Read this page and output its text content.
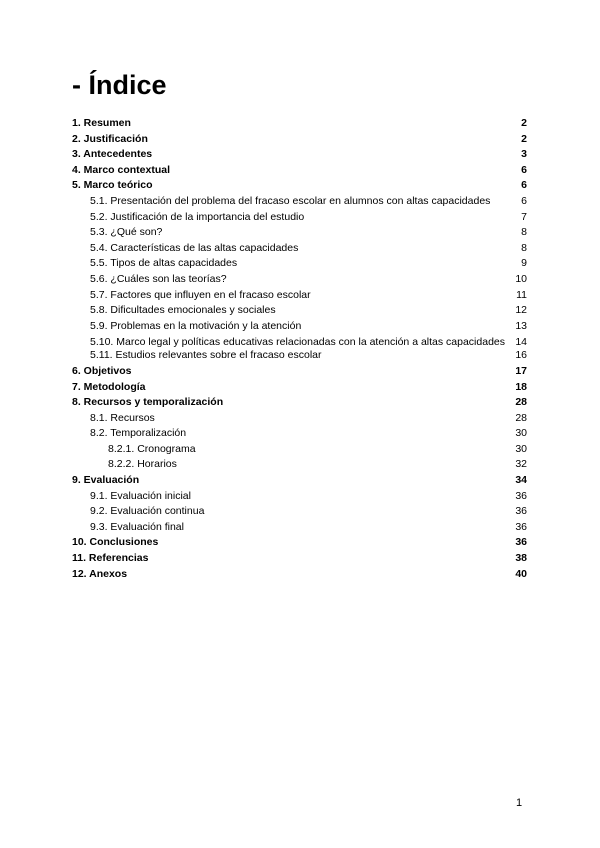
- Índice
1. Resumen	2
2. Justificación	2
3. Antecedentes	3
4. Marco contextual	6
5. Marco teórico	6
5.1. Presentación del problema del fracaso escolar en alumnos con altas capacidades	6
5.2. Justificación de la importancia del estudio	7
5.3. ¿Qué son?	8
5.4. Características de las altas capacidades	8
5.5. Tipos de altas capacidades	9
5.6. ¿Cuáles son las teorías?	10
5.7. Factores que influyen en el fracaso escolar	11
5.8. Dificultades emocionales y sociales	12
5.9. Problemas en la motivación y la atención	13
5.10. Marco legal y políticas educativas relacionadas con la atención a altas capacidades 14
5.11. Estudios relevantes sobre el fracaso escolar	16
6. Objetivos	17
7. Metodología	18
8. Recursos y temporalización	28
8.1. Recursos	28
8.2. Temporalización	30
8.2.1. Cronograma	30
8.2.2. Horarios	32
9. Evaluación	34
9.1. Evaluación inicial	36
9.2. Evaluación continua	36
9.3. Evaluación final	36
10. Conclusiones	36
11. Referencias	38
12. Anexos	40
1
